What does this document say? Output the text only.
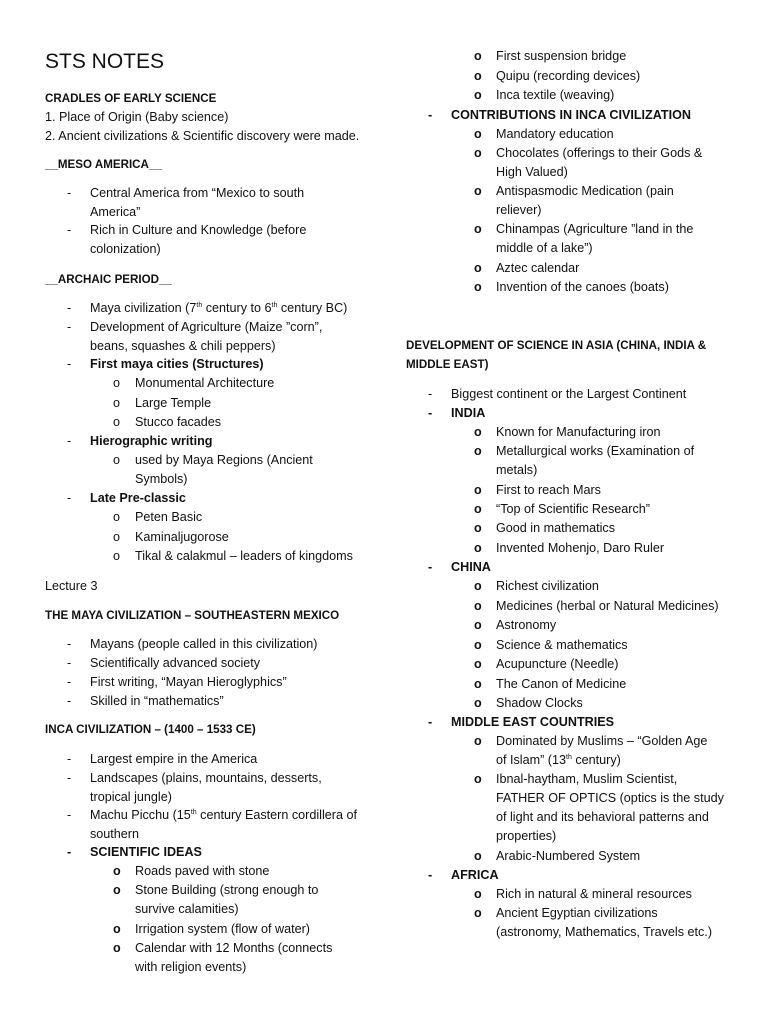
STS NOTES
CRADLES OF EARLY SCIENCE
1. Place of Origin (Baby science)
2. Ancient civilizations & Scientific discovery were made.
__MESO AMERICA__
- Central America from “Mexico to south
America”
- Rich in Culture and Knowledge (before
colonization)
__ARCHAIC PERIOD__
- Maya civilization (7th century to 6th century BC)
- Development of Agriculture (Maize ”corn”,
beans, squashes & chili peppers)
- First maya cities (Structures)
o Monumental Architecture
o Large Temple
o Stucco facades
- Hierographic writing
o used by Maya Regions (Ancient
Symbols)
- Late Pre-classic
o Peten Basic
o Kaminaljugorose
o Tikal & calakmul – leaders of kingdoms
Lecture 3
THE MAYA CIVILIZATION – SOUTHEASTERN MEXICO
- Mayans (people called in this civilization)
- Scientifically advanced society
- First writing, “Mayan Hieroglyphics”
- Skilled in “mathematics”
INCA CIVILIZATION – (1400 – 1533 CE)
- Largest empire in the America
- Landscapes (plains, mountains, desserts,
tropical jungle)
- Machu Picchu (15th century Eastern cordillera of
southern
- SCIENTIFIC IDEAS
o Roads paved with stone
o Stone Building (strong enough to
survive calamities)
o Irrigation system (flow of water)
o Calendar with 12 Months (connects
with religion events)
o First suspension bridge
o Quipu (recording devices)
o Inca textile (weaving)
- CONTRIBUTIONS IN INCA CIVILIZATION
o Mandatory education
o Chocolates (offerings to their Gods &
High Valued)
o Antispasmodic Medication (pain
reliever)
o Chinampas (Agriculture ”land in the
middle of a lake”)
o Aztec calendar
o Invention of the canoes (boats)
DEVELOPMENT OF SCIENCE IN ASIA (CHINA, INDIA &
MIDDLE EAST)
- Biggest continent or the Largest Continent
- INDIA
o Known for Manufacturing iron
o Metallurgical works (Examination of
metals)
o First to reach Mars
o “Top of Scientific Research”
o Good in mathematics
o Invented Mohenjo, Daro Ruler
- CHINA
o Richest civilization
o Medicines (herbal or Natural Medicines)
o Astronomy
o Science & mathematics
o Acupuncture (Needle)
o The Canon of Medicine
o Shadow Clocks
- MIDDLE EAST COUNTRIES
o Dominated by Muslims – “Golden Age
of Islam” (13th century)
o Ibnal-haytham, Muslim Scientist,
FATHER OF OPTICS (optics is the study
of light and its behavioral patterns and
properties)
o Arabic-Numbered System
- AFRICA
o Rich in natural & mineral resources
o Ancient Egyptian civilizations
(astronomy, Mathematics, Travels etc.)
